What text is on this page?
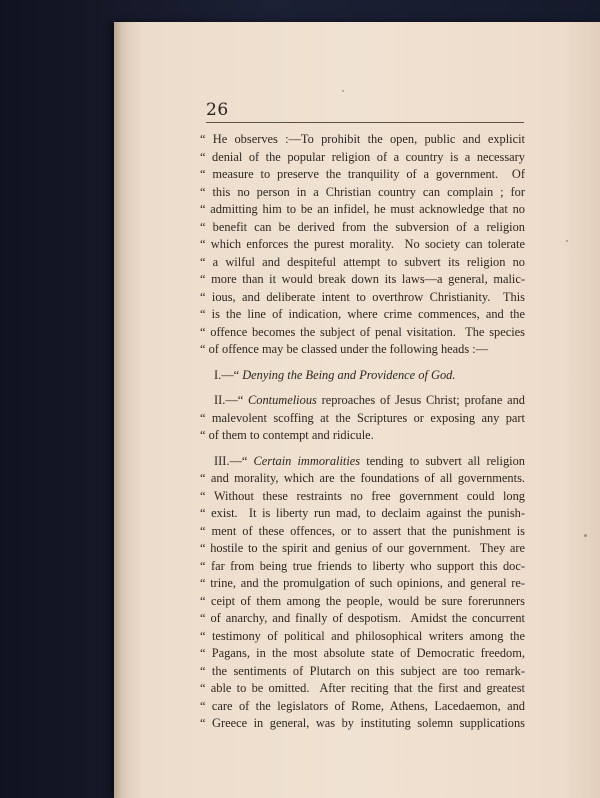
26
“ He observes :—To prohibit the open, public and explicit
“ denial of the popular religion of a country is a necessary
“ measure to preserve the tranquility of a government.  Of
“ this no person in a Christian country can complain ; for
“ admitting him to be an infidel, he must acknowledge that no
“ benefit can be derived from the subversion of a religion
“ which enforces the purest morality.  No society can tolerate
“ a wilful and despiteful attempt to subvert its religion no
“ more than it would break down its laws—a general, malic-
“ ious, and deliberate intent to overthrow Christianity.  This
“ is the line of indication, where crime commences, and the
“ offence becomes the subject of penal visitation.  The species
“ of offence may be classed under the following heads :—
I.—“ Denying the Being and Providence of God.
II.—“ Contumelious reproaches of Jesus Christ; profane and
“ malevolent scoffing at the Scriptures or exposing any part
“ of them to contempt and ridicule.
III.—“ Certain immoralities tending to subvert all religion
“ and morality, which are the foundations of all governments.
“ Without these restraints no free government could long
“ exist.  It is liberty run mad, to declaim against the punish-
“ ment of these offences, or to assert that the punishment is
“ hostile to the spirit and genius of our government.  They are
“ far from being true friends to liberty who support this doc-
“ trine, and the promulgation of such opinions, and general re-
“ ceipt of them among the people, would be sure forerunners
“ of anarchy, and finally of despotism.  Amidst the concurrent
“ testimony of political and philosophical writers among the
“ Pagans, in the most absolute state of Democratic freedom,
“ the sentiments of Plutarch on this subject are too remark-
“ able to be omitted.  After reciting that the first and greatest
“ care of the legislators of Rome, Athens, Lacedaemon, and
“ Greece in general, was by instituting solemn supplications
